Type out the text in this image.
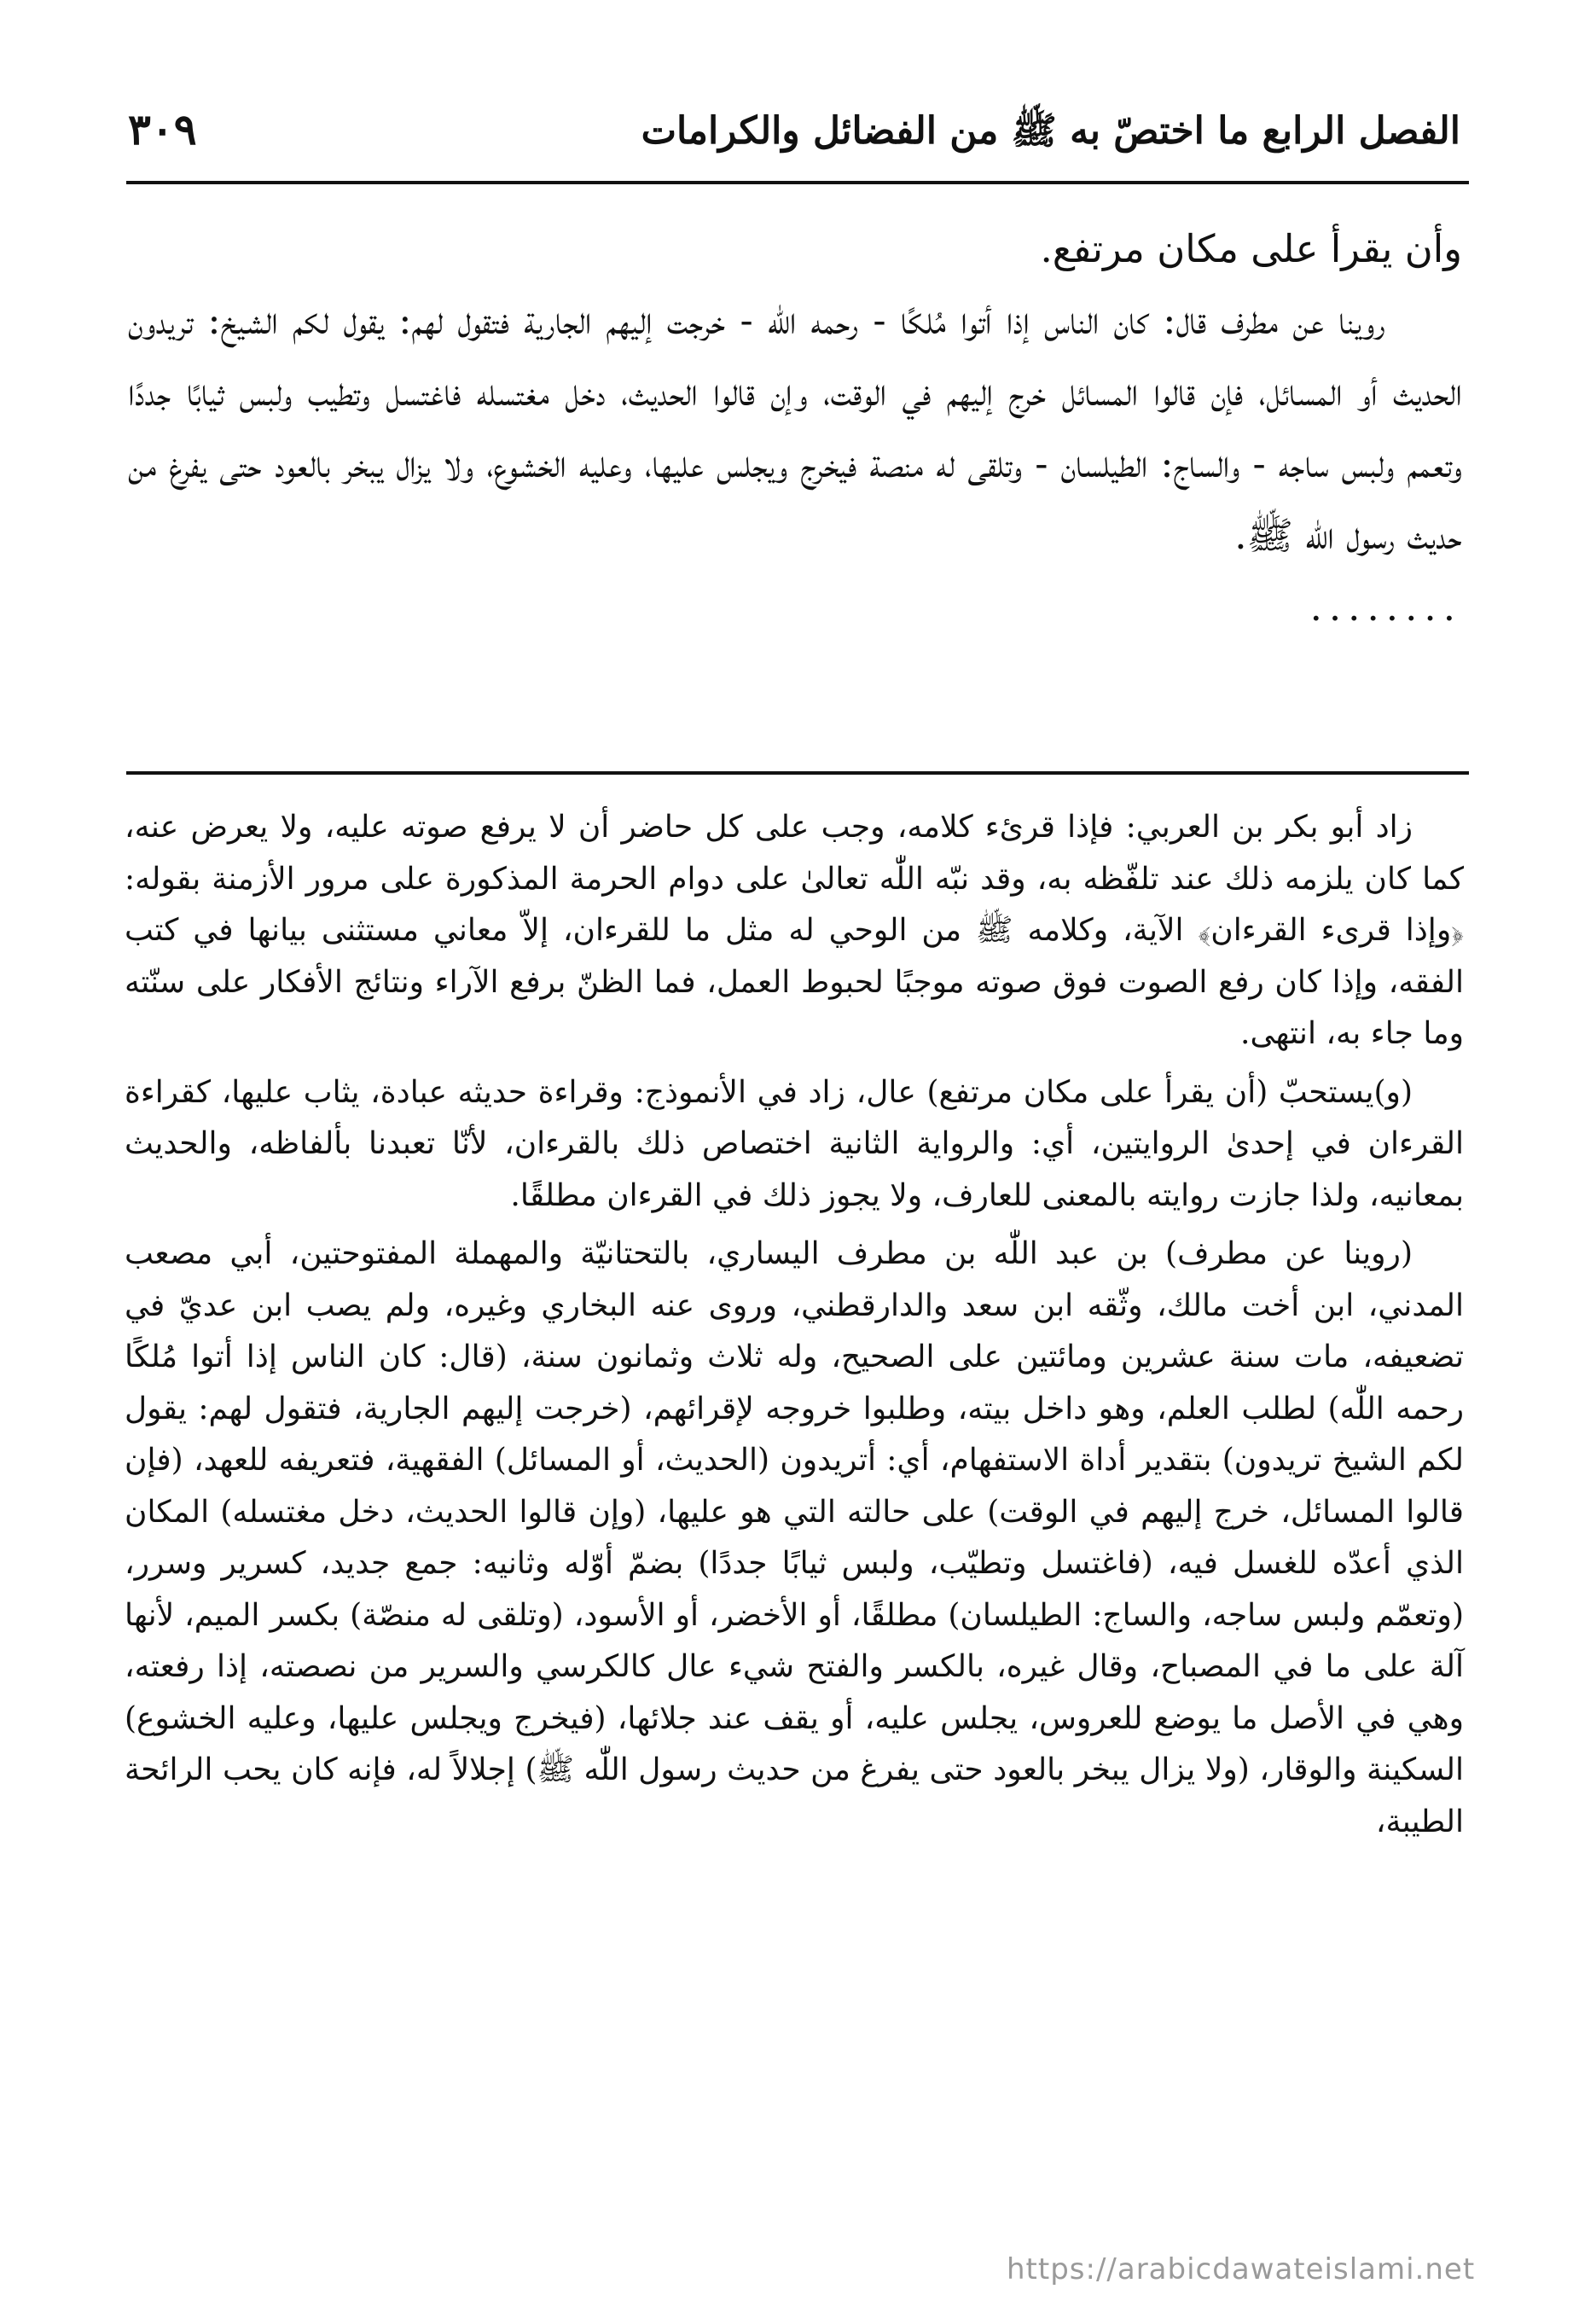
الفصل الرابع ما اختصّ به ﷺ من الفضائل والكرامات
٣٠٩

وأن يقرأ على مكان مرتفع.

روينا عن مطرف قال: كان الناس إذا أتوا مُلكًا - رحمه الله - خرجت إليهم الجارية فتقول لهم: يقول لكم الشيخ: تريدون الحديث أو المسائل، فإن قالوا المسائل خرج إليهم في الوقت، وإن قالوا الحديث، دخل مغتسله فاغتسل وتطيب ولبس ثيابًا جددًا وتعمم ولبس ساجه - والساج: الطيلسان - وتلقى له منصة فيخرج ويجلس عليها، وعليه الخشوع، ولا يزال يبخر بالعود حتى يفرغ من حديث رسول الله ﷺ.

........

زاد أبو بكر بن العربي: فإذا قرئء كلامه، وجب على كل حاضر أن لا يرفع صوته عليه، ولا يعرض عنه، كما كان يلزمه ذلك عند تلفّظه به، وقد نبّه اللّٰه تعالىٰ على دوام الحرمة المذكورة على مرور الأزمنة بقوله: ﴿وإذا قرىء القرءان﴾ الآية، وكلامه ﷺ من الوحي له مثل ما للقرءان، إلاّ معاني مستثنى بيانها في كتب الفقه، وإذا كان رفع الصوت فوق صوته موجبًا لحبوط العمل، فما الظنّ برفع الآراء ونتائج الأفكار على سنّته وما جاء به، انتهى.

(و)يستحبّ (أن يقرأ على مكان مرتفع) عال، زاد في الأنموذج: وقراءة حديثه عبادة، يثاب عليها، كقراءة القرءان في إحدىٰ الروايتين، أي: والرواية الثانية اختصاص ذلك بالقرءان، لأنّا تعبدنا بألفاظه، والحديث بمعانيه، ولذا جازت روايته بالمعنى للعارف، ولا يجوز ذلك في القرءان مطلقًا.

(روينا عن مطرف) بن عبد اللّٰه بن مطرف اليساري، بالتحتانيّة والمهملة المفتوحتين، أبي مصعب المدني، ابن أخت مالك، وثّقه ابن سعد والدارقطني، وروى عنه البخاري وغيره، ولم يصب ابن عديّ في تضعيفه، مات سنة عشرين ومائتين على الصحيح، وله ثلاث وثمانون سنة، (قال: كان الناس إذا أتوا مُلكًا رحمه اللّٰه) لطلب العلم، وهو داخل بيته، وطلبوا خروجه لإقرائهم، (خرجت إليهم الجارية، فتقول لهم: يقول لكم الشيخ تريدون) بتقدير أداة الاستفهام، أي: أتريدون (الحديث، أو المسائل) الفقهية، فتعريفه للعهد، (فإن قالوا المسائل، خرج إليهم في الوقت) على حالته التي هو عليها، (وإن قالوا الحديث، دخل مغتسله) المكان الذي أعدّه للغسل فيه، (فاغتسل وتطيّب، ولبس ثيابًا جددًا) بضمّ أوّله وثانيه: جمع جديد، كسرير وسرر، (وتعمّم ولبس ساجه، والساج: الطيلسان) مطلقًا، أو الأخضر، أو الأسود، (وتلقى له منصّة) بكسر الميم، لأنها آلة على ما في المصباح، وقال غيره، بالكسر والفتح شيء عال كالكرسي والسرير من نصصته، إذا رفعته، وهي في الأصل ما يوضع للعروس، يجلس عليه، أو يقف عند جلائها، (فيخرج ويجلس عليها، وعليه الخشوع) السكينة والوقار، (ولا يزال يبخر بالعود حتى يفرغ من حديث رسول اللّٰه ﷺ) إجلالاً له، فإنه كان يحب الرائحة الطيبة،

https://arabicdawateislami.net
